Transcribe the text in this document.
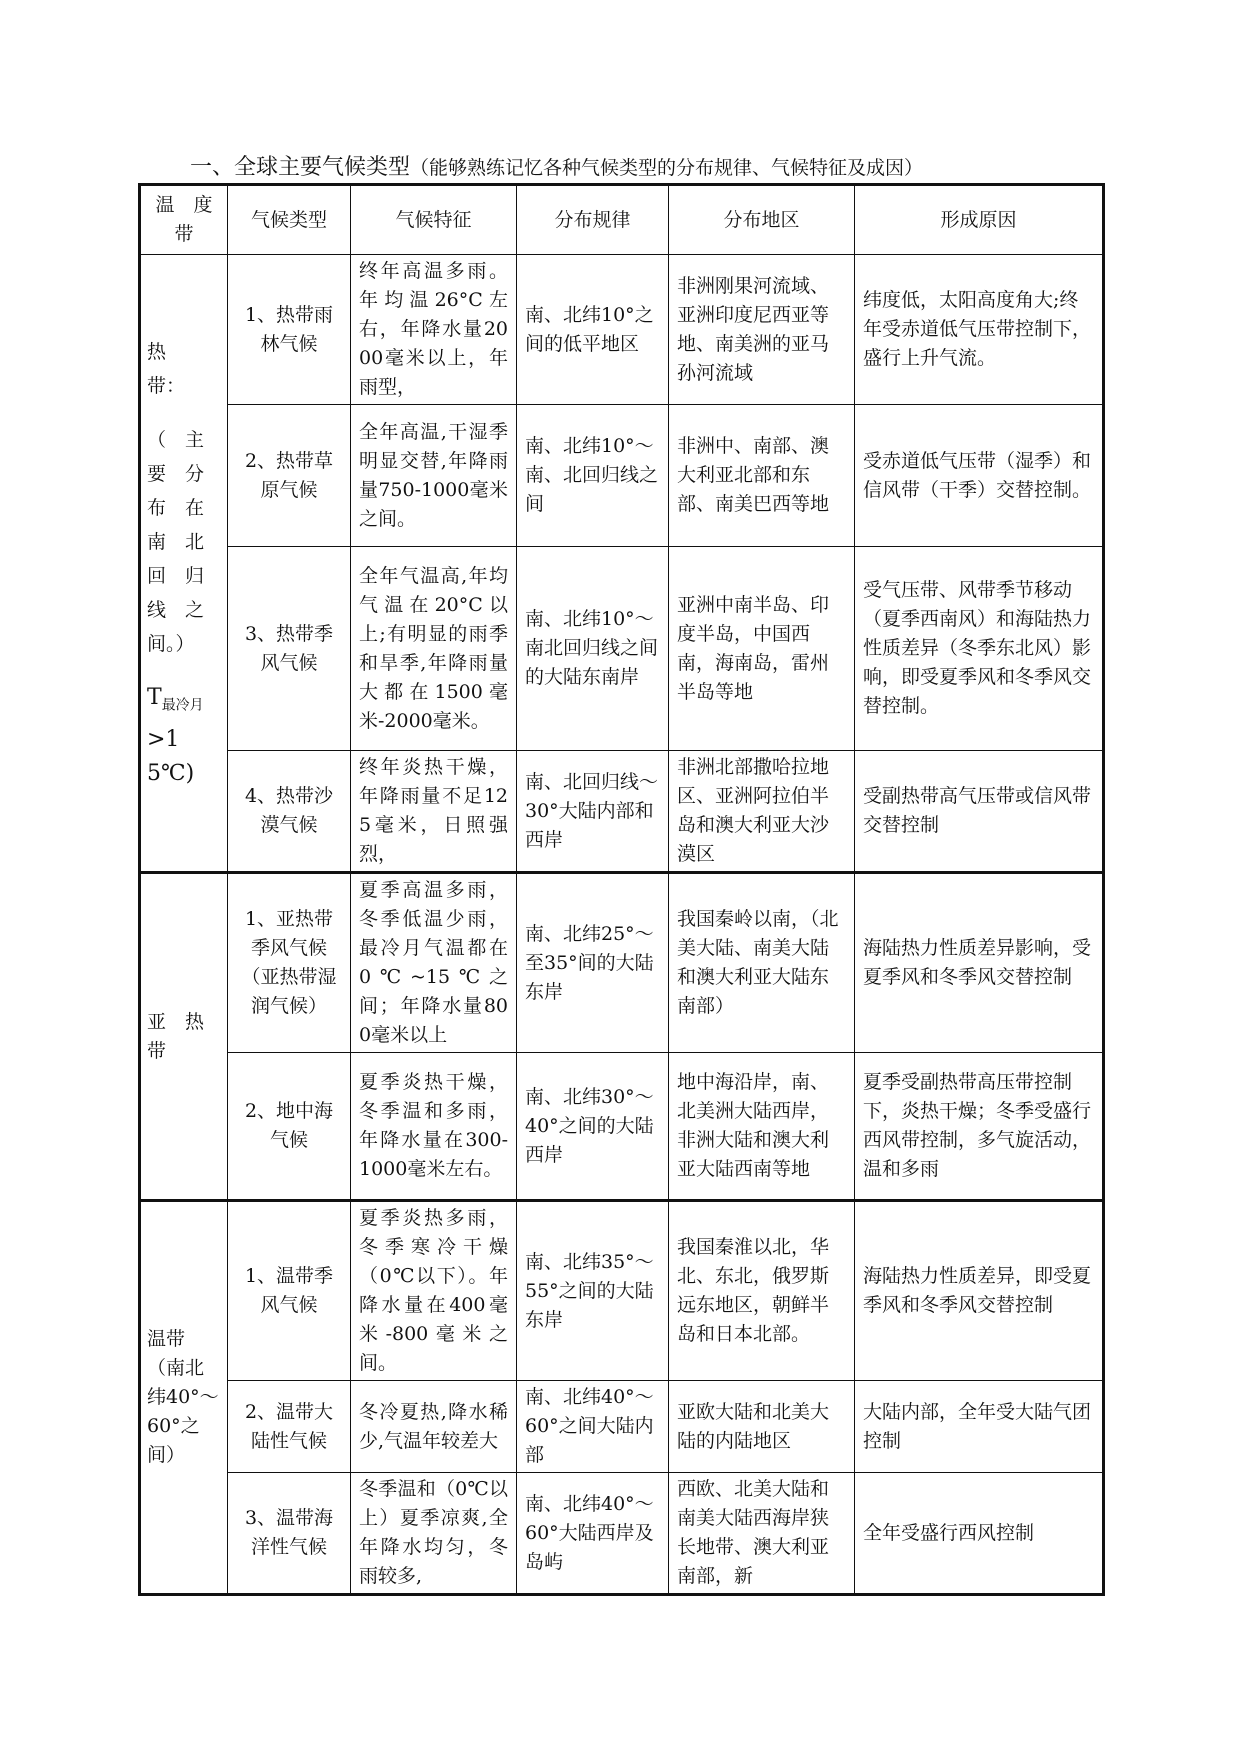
一、全球主要气候类型（能够熟练记忆各种气候类型的分布规律、气候特征及成因）
温　度带	气候类型	气候特征	分布规律	分布地区	形成原因

热　带：
（　主要　分布　在南　北回　归线　之间。）
$T_{最冷月}$
>15℃)	1、热带雨林气候	终年高温多雨。年均温26°C左右，年降水量2000毫米以上，年雨型，	南、北纬10°之间的低平地区	非洲刚果河流域、亚洲印度尼西亚等地、南美洲的亚马孙河流域	纬度低，太阳高度角大;终年受赤道低气压带控制下，盛行上升气流。
	2、热带草原气候	全年高温,干湿季明显交替,年降雨量750-1000毫米之间。	南、北纬10°～南、北回归线之间	非洲中、南部、澳大利亚北部和东部、南美巴西等地	受赤道低气压带（湿季）和信风带（干季）交替控制。
	3、热带季风气候	全年气温高,年均气温在20°C以上;有明显的雨季和旱季,年降雨量大都在1500毫米-2000毫米。	南、北纬10°～南北回归线之间的大陆东南岸	亚洲中南半岛、印度半岛，中国西南，海南岛，雷州半岛等地	受气压带、风带季节移动（夏季西南风）和海陆热力性质差异（冬季东北风）影响，即受夏季风和冬季风交替控制。
	4、热带沙漠气候	终年炎热干燥，年降雨量不足125毫米，日照强烈，	南、北回归线～30°大陆内部和西岸	非洲北部撒哈拉地区、亚洲阿拉伯半岛和澳大利亚大沙漠区	受副热带高气压带或信风带交替控制
亚　热带	1、亚热带季风气候（亚热带湿润气候）	夏季高温多雨，冬季低温少雨，最冷月气温都在0℃~15℃之间；年降水量800毫米以上	南、北纬25°～至35°间的大陆东岸	我国秦岭以南，（北美大陆、南美大陆和澳大利亚大陆东南部）	海陆热力性质差异影响，受夏季风和冬季风交替控制
	2、地中海气候	夏季炎热干燥，冬季温和多雨，年降水量在300-1000毫米左右。	南、北纬30°～40°之间的大陆西岸	地中海沿岸，南、北美洲大陆西岸，非洲大陆和澳大利亚大陆西南等地	夏季受副热带高压带控制下，炎热干燥；冬季受盛行西风带控制，多气旋活动，温和多雨
温带（南北纬40°～60°之间）	1、温带季风气候	夏季炎热多雨，冬季寒冷干燥（0℃以下）。年降水量在400毫米-800毫米之间。	南、北纬35°～55°之间的大陆东岸	我国秦淮以北，华北、东北，俄罗斯远东地区，朝鲜半岛和日本北部。	海陆热力性质差异，即受夏季风和冬季风交替控制
	2、温带大陆性气候	冬冷夏热,降水稀少,气温年较差大	南、北纬40°～60°之间大陆内部	亚欧大陆和北美大陆的内陆地区	大陆内部，全年受大陆气团控制
	3、温带海洋性气候	冬季温和（0℃以上）夏季凉爽,全年降水均匀，冬雨较多,	南、北纬40°～60°大陆西岸及岛屿	西欧、北美大陆和南美大陆西海岸狭长地带、澳大利亚南部，新	全年受盛行西风控制
